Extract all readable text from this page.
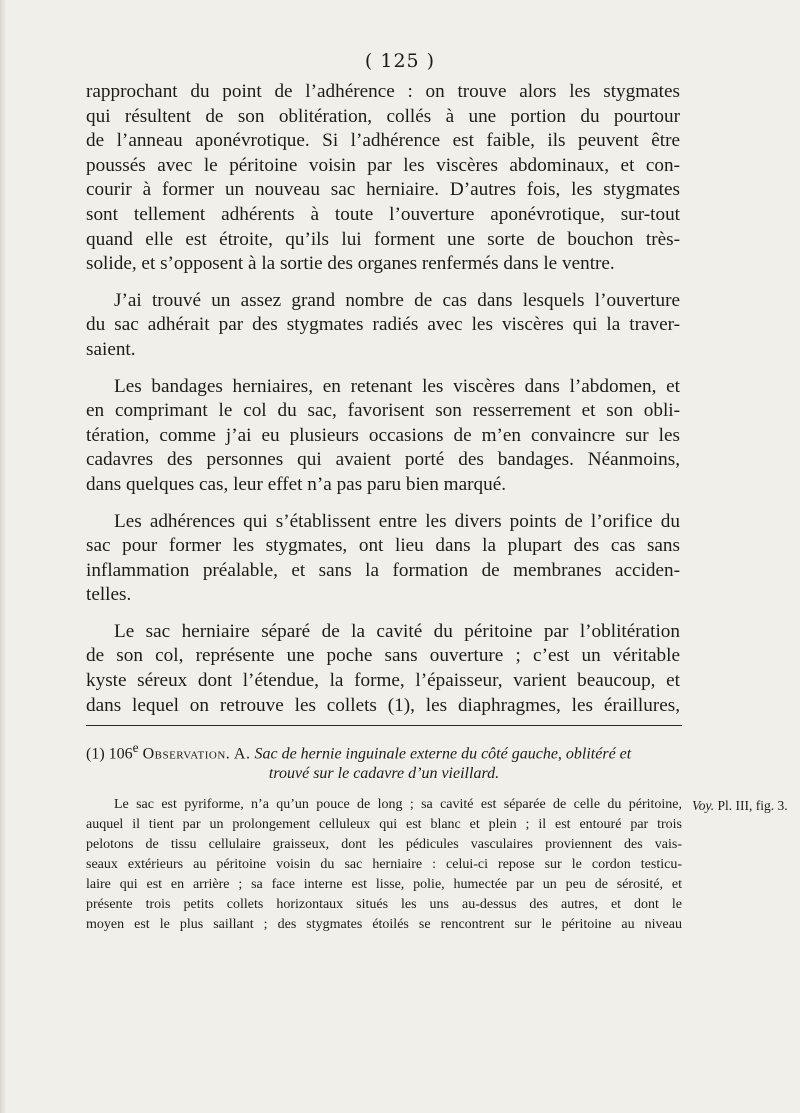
( 125 )

rapprochant du point de l’adhérence : on trouve alors les stygmates
qui résultent de son oblitération, collés à une portion du pourtour
de l’anneau aponévrotique. Si l’adhérence est faible, ils peuvent être
poussés avec le péritoine voisin par les viscères abdominaux, et con-
courir à former un nouveau sac herniaire. D’autres fois, les stygmates
sont tellement adhérents à toute l’ouverture aponévrotique, sur-tout
quand elle est étroite, qu’ils lui forment une sorte de bouchon très-
solide, et s’opposent à la sortie des organes renfermés dans le ventre.

J’ai trouvé un assez grand nombre de cas dans lesquels l’ouverture
du sac adhérait par des stygmates radiés avec les viscères qui la traver-
saient.

Les bandages herniaires, en retenant les viscères dans l’abdomen, et
en comprimant le col du sac, favorisent son resserrement et son obli-
tération, comme j’ai eu plusieurs occasions de m’en convaincre sur les
cadavres des personnes qui avaient porté des bandages. Néanmoins,
dans quelques cas, leur effet n’a pas paru bien marqué.

Les adhérences qui s’établissent entre les divers points de l’orifice du
sac pour former les stygmates, ont lieu dans la plupart des cas sans
inflammation préalable, et sans la formation de membranes acciden-
telles.

Le sac herniaire séparé de la cavité du péritoine par l’oblitération
de son col, représente une poche sans ouverture ; c’est un véritable
kyste séreux dont l’étendue, la forme, l’épaisseur, varient beaucoup, et
dans lequel on retrouve les collets (1), les diaphragmes, les éraillures,

(1) 106e Observation. A. Sac de hernie inguinale externe du côté gauche, oblitéré et
trouvé sur le cadavre d’un vieillard.
Le sac est pyriforme, n’a qu’un pouce de long ; sa cavité est séparée de celle du péritoine,
auquel il tient par un prolongement celluleux qui est blanc et plein ; il est entouré par trois
pelotons de tissu cellulaire graisseux, dont les pédicules vasculaires proviennent des vais-
seaux extérieurs au péritoine voisin du sac herniaire : celui-ci repose sur le cordon testicu-
laire qui est en arrière ; sa face interne est lisse, polie, humectée par un peu de sérosité, et
présente trois petits collets horizontaux situés les uns au-dessus des autres, et dont le
moyen est le plus saillant ; des stygmates étoilés se rencontrent sur le péritoine au niveau
Voy. Pl. III, fig. 3.
